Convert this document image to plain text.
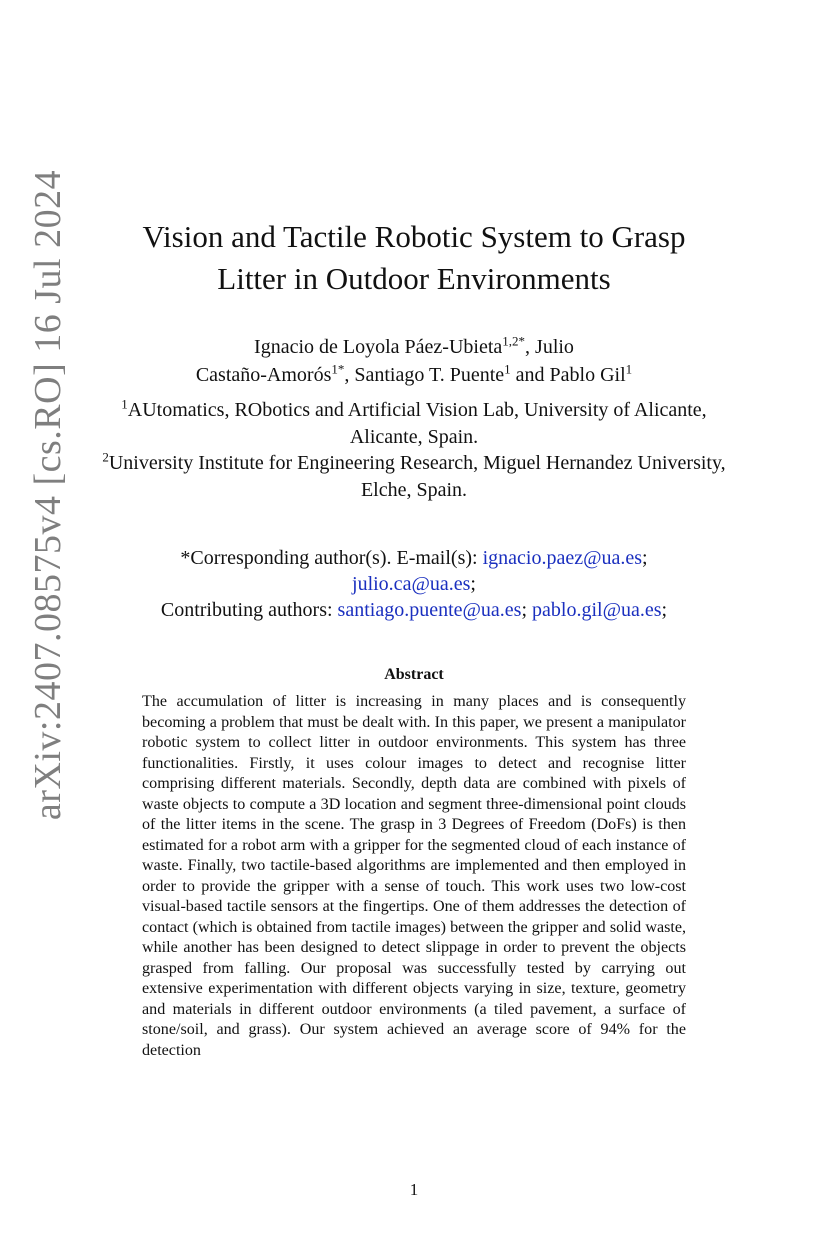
arXiv:2407.08575v4 [cs.RO] 16 Jul 2024	Vision and Tactile Robotic System to Grasp
Litter in Outdoor Environments

Ignacio de Loyola Páez-Ubieta$^{1,2*}$, Julio
Castaño-Amorós$^{1*}$, Santiago T. Puente$^1$ and Pablo Gil$^1$

$^1$AUtomatics, RObotics and Artificial Vision Lab, University of Alicante, Alicante, Spain.

$^2$University Institute for Engineering Research, Miguel Hernandez University, Elche, Spain.

*Corresponding author(s). E-mail(s): ignacio.paez@ua.es;
julio.ca@ua.es;
Contributing authors: santiago.puente@ua.es; pablo.gil@ua.es;

Abstract

The accumulation of litter is increasing in many places and is consequently becoming a problem that must be dealt with. In this paper, we present a manipulator robotic system to collect litter in outdoor environments. This system has three functionalities. Firstly, it uses colour images to detect and recognise litter comprising different materials. Secondly, depth data are combined with pixels of waste objects to compute a 3D location and segment three-dimensional point clouds of the litter items in the scene. The grasp in 3 Degrees of Freedom (DoFs) is then estimated for a robot arm with a gripper for the segmented cloud of each instance of waste. Finally, two tactile-based algorithms are implemented and then employed in order to provide the gripper with a sense of touch. This work uses two low-cost visual-based tactile sensors at the fingertips. One of them addresses the detection of contact (which is obtained from tactile images) between the gripper and solid waste, while another has been designed to detect slippage in order to prevent the objects grasped from falling. Our proposal was successfully tested by carrying out extensive experimentation with different objects varying in size, texture, geometry and materials in different outdoor environments (a tiled pavement, a surface of stone/soil, and grass). Our system achieved an average score of 94% for the detection

1
